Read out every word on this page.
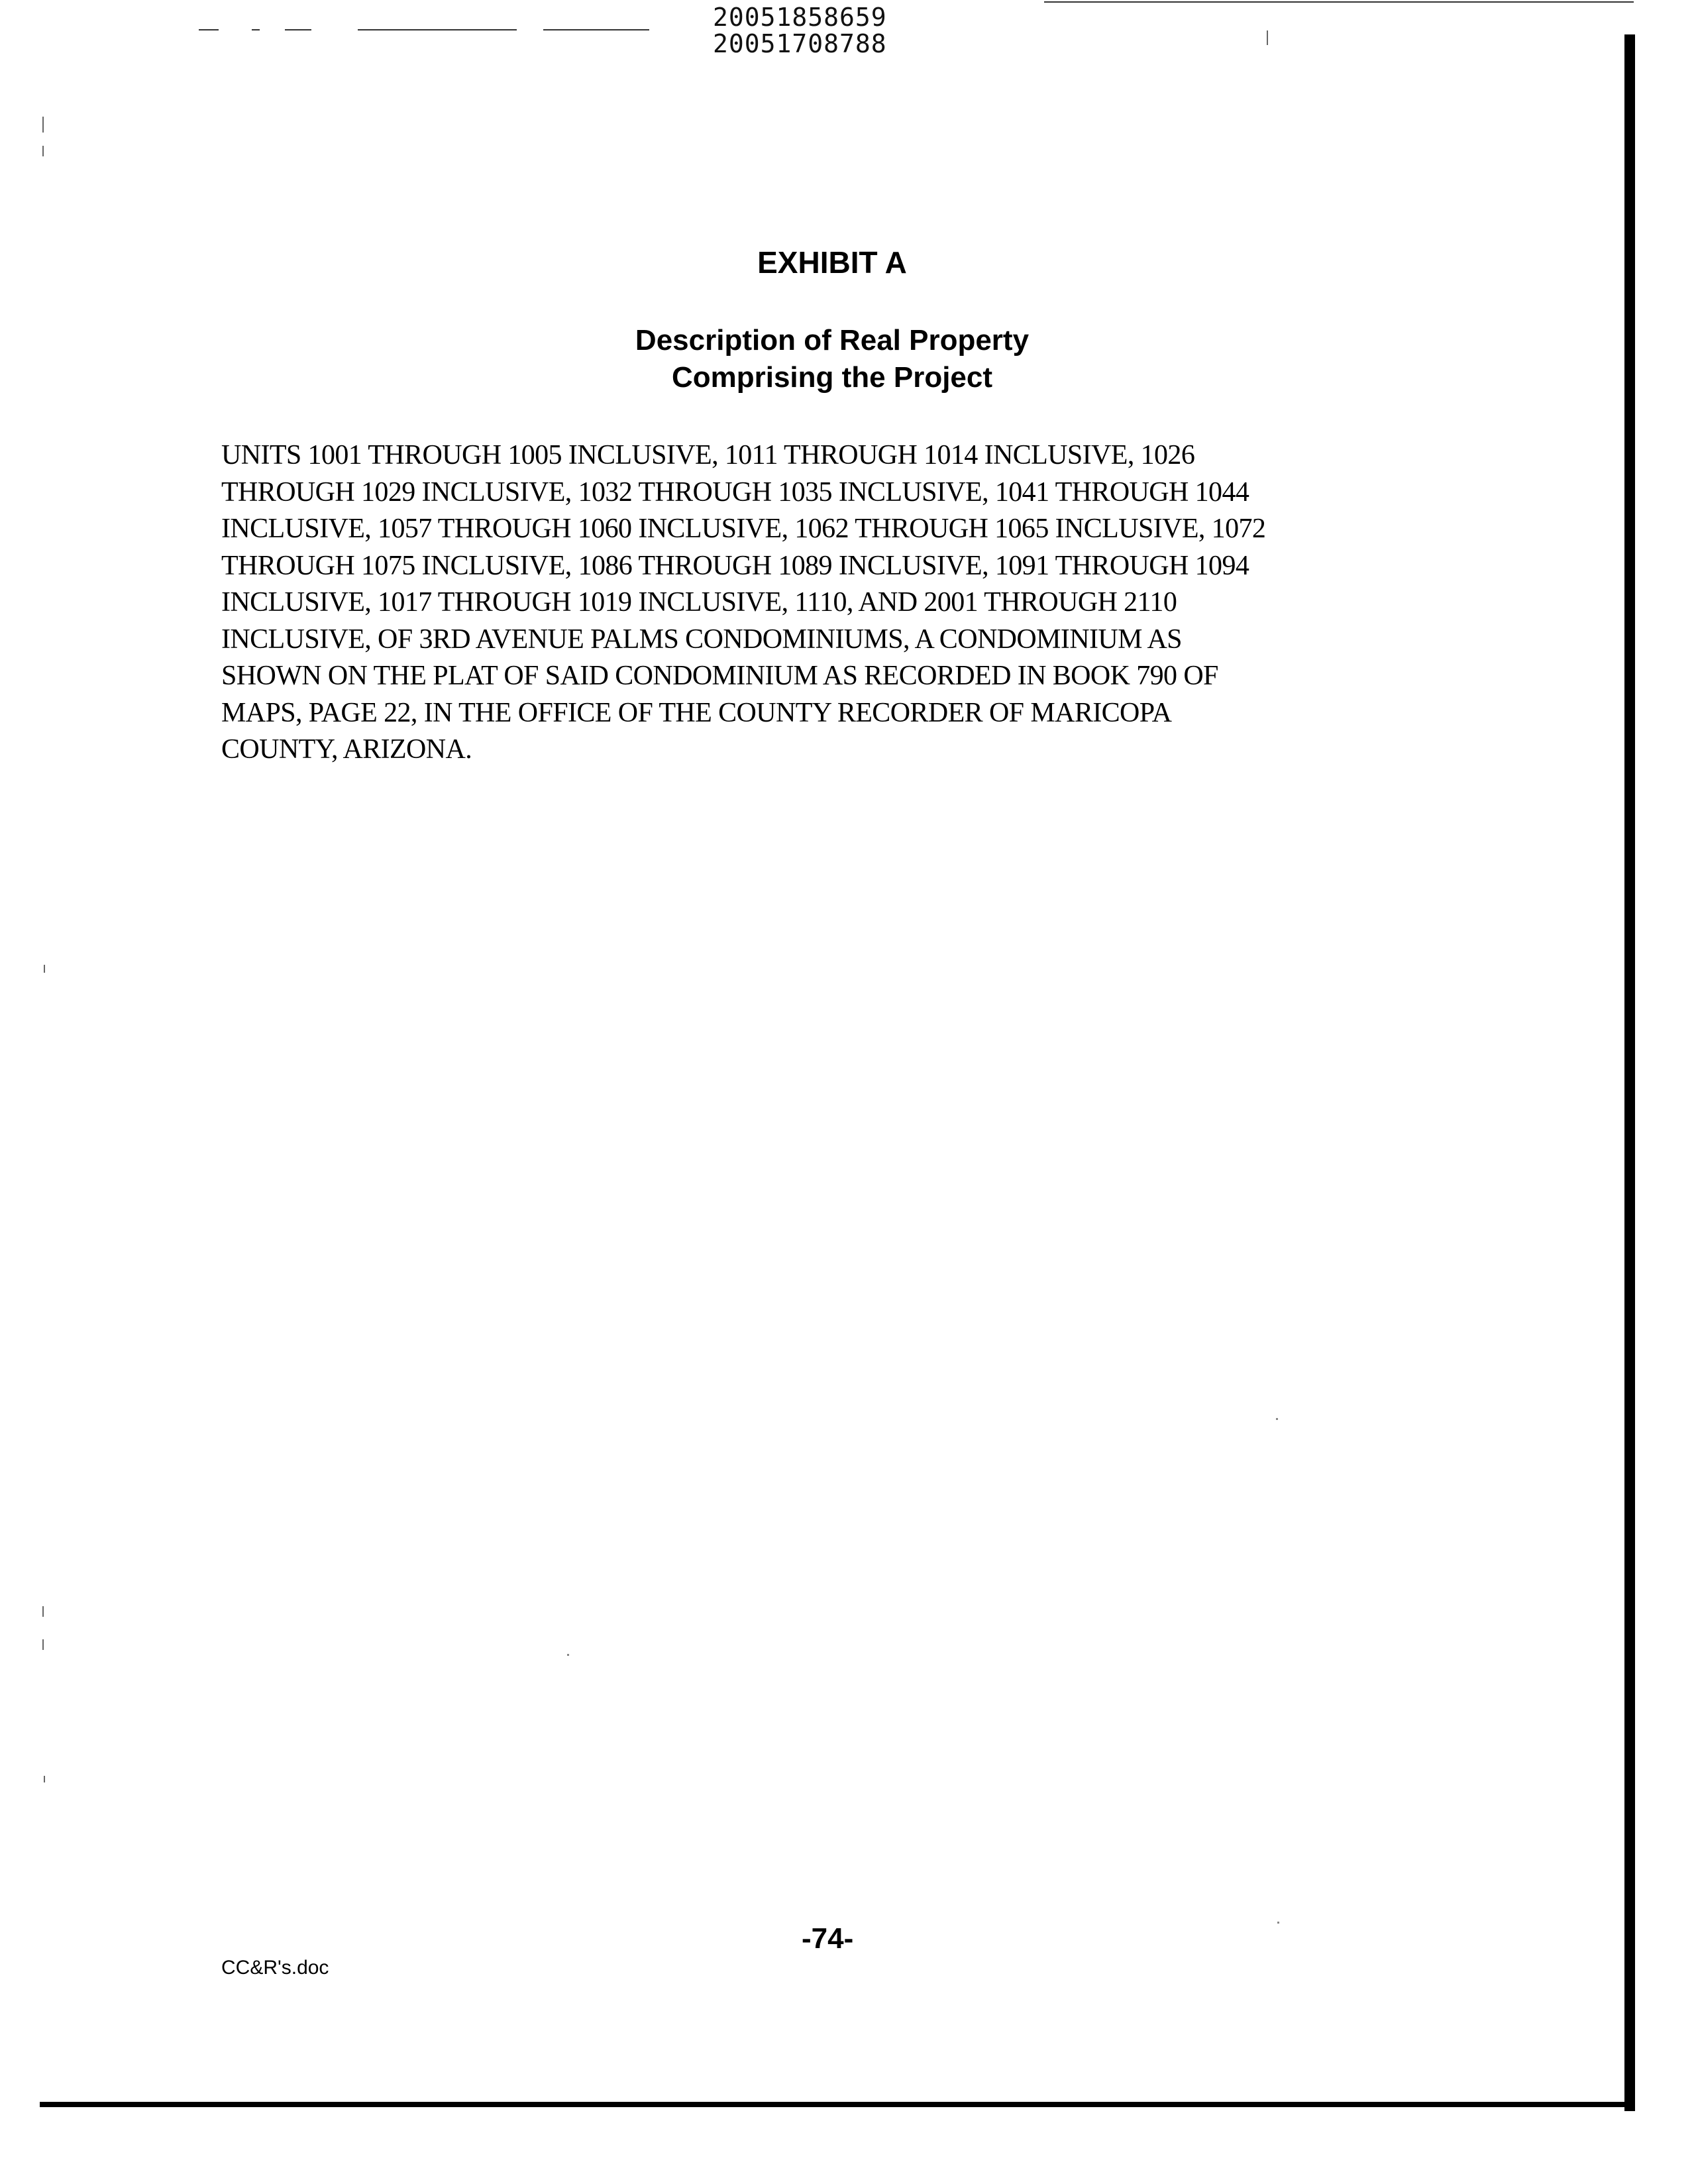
20051858659
20051708788
EXHIBIT A
Description of Real Property
Comprising the Project
UNITS 1001 THROUGH 1005 INCLUSIVE, 1011 THROUGH 1014 INCLUSIVE, 1026
THROUGH 1029 INCLUSIVE, 1032 THROUGH 1035 INCLUSIVE, 1041 THROUGH 1044
INCLUSIVE, 1057 THROUGH 1060 INCLUSIVE, 1062 THROUGH 1065 INCLUSIVE, 1072
THROUGH 1075 INCLUSIVE, 1086 THROUGH 1089 INCLUSIVE, 1091 THROUGH 1094
INCLUSIVE, 1017 THROUGH 1019 INCLUSIVE, 1110, AND 2001 THROUGH 2110
INCLUSIVE, OF 3RD AVENUE PALMS CONDOMINIUMS, A CONDOMINIUM AS
SHOWN ON THE PLAT OF SAID CONDOMINIUM AS RECORDED IN BOOK 790 OF
MAPS, PAGE 22, IN THE OFFICE OF THE COUNTY RECORDER OF MARICOPA
COUNTY, ARIZONA.
-74-
CC&R's.doc
